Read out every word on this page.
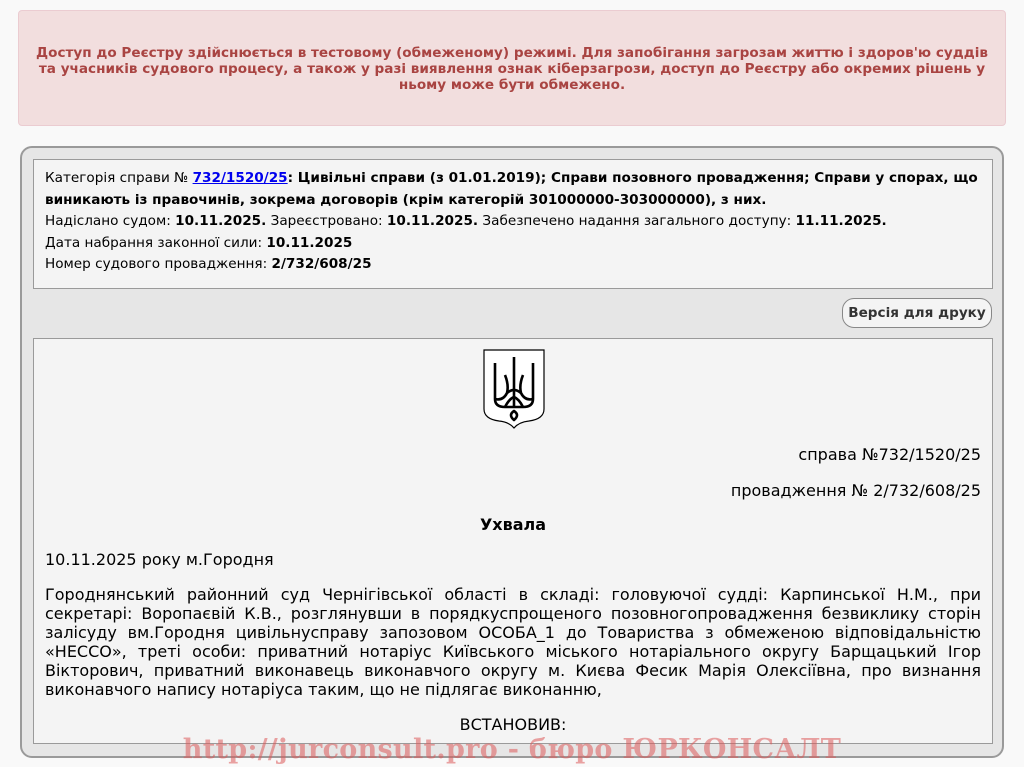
Доступ до Реєстру здійснюється в тестовому (обмеженому) режимі. Для запобігання загрозам життю і здоров'ю суддів та учасників судового процесу, а також у разі виявлення ознак кіберзагрози, доступ до Реєстру або окремих рішень у ньому може бути обмежено.
Категорія справи № 732/1520/25: Цивільні справи (з 01.01.2019); Справи позовного провадження; Справи у спорах, що виникають із правочинів, зокрема договорів (крім категорій 301000000-303000000), з них.
Надіслано судом: 10.11.2025. Зареєстровано: 10.11.2025. Забезпечено надання загального доступу: 11.11.2025.
Дата набрання законної сили: 10.11.2025
Номер судового провадження: 2/732/608/25
Версія для друку
справа №732/1520/25
провадження № 2/732/608/25
Ухвала
10.11.2025 року м.Городня
Городнянський районний суд Чернігівської області в складі: головуючої судді: Карпинської Н.М., при секретарі: Воропаєвій К.В., розглянувши в порядкуспрощеного позовногопровадження безвиклику сторін залісуду вм.Городня цивільнусправу запозовом ОСОБА_1 до Товариства з обмеженою відповідальністю «НЕССО», треті особи: приватний нотаріус Київського міського нотаріального округу Барщацький Ігор Вікторович, приватний виконавець виконавчого округу м. Києва Фесик Марія Олексіївна, про визнання виконавчого напису нотаріуса таким, що не підлягає виконанню,
ВСТАНОВИВ:
http://jurconsult.pro - бюро ЮРКОНСАЛТ
